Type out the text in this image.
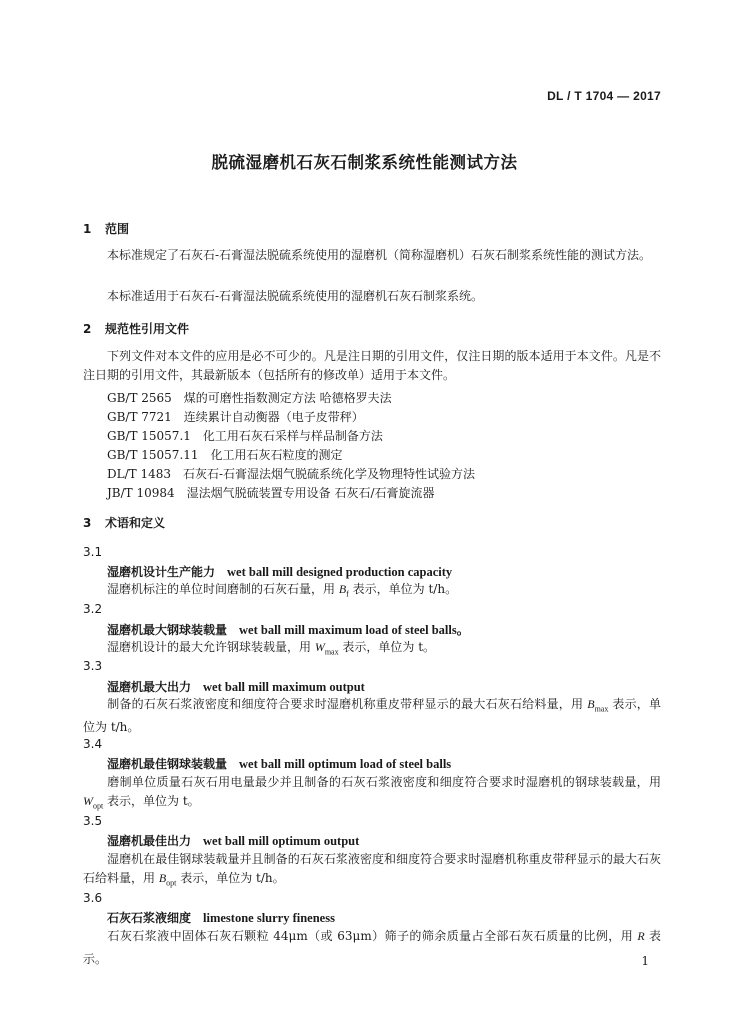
DL / T 1704 — 2017
脱硫湿磨机石灰石制浆系统性能测试方法
1 范围
本标准规定了石灰石-石膏湿法脱硫系统使用的湿磨机（简称湿磨机）石灰石制浆系统性能的测试方法。
本标准适用于石灰石-石膏湿法脱硫系统使用的湿磨机石灰石制浆系统。
2 规范性引用文件
下列文件对本文件的应用是必不可少的。凡是注日期的引用文件，仅注日期的版本适用于本文件。凡是不注日期的引用文件，其最新版本（包括所有的修改单）适用于本文件。
GB/T 2565　煤的可磨性指数测定方法 哈德格罗夫法
GB/T 7721　连续累计自动衡器（电子皮带秤）
GB/T 15057.1　化工用石灰石采样与样品制备方法
GB/T 15057.11　化工用石灰石粒度的测定
DL/T 1483　石灰石-石膏湿法烟气脱硫系统化学及物理特性试验方法
JB/T 10984　湿法烟气脱硫装置专用设备 石灰石/石膏旋流器
3 术语和定义
3.1
湿磨机设计生产能力 wet ball mill designed production capacity
湿磨机标注的单位时间磨制的石灰石量，用 $B_f$ 表示，单位为 t/h。
3.2
湿磨机最大钢球装载量 wet ball mill maximum load of steel balls。
湿磨机设计的最大允许钢球装载量，用 $W_{max}$ 表示，单位为 t。
3.3
湿磨机最大出力 wet ball mill maximum output
制备的石灰石浆液密度和细度符合要求时湿磨机称重皮带秤显示的最大石灰石给料量，用 $B_{max}$ 表示，单位为 t/h。
3.4
湿磨机最佳钢球装载量 wet ball mill optimum load of steel balls
磨制单位质量石灰石用电量最少并且制备的石灰石浆液密度和细度符合要求时湿磨机的钢球装载量，用 $W_{opt}$ 表示，单位为 t。
3.5
湿磨机最佳出力 wet ball mill optimum output
湿磨机在最佳钢球装载量并且制备的石灰石浆液密度和细度符合要求时湿磨机称重皮带秤显示的最大石灰石给料量，用 $B_{opt}$ 表示，单位为 t/h。
3.6
石灰石浆液细度 limestone slurry fineness
石灰石浆液中固体石灰石颗粒 44μm（或 63μm）筛子的筛余质量占全部石灰石质量的比例，用 R 表示。	1
